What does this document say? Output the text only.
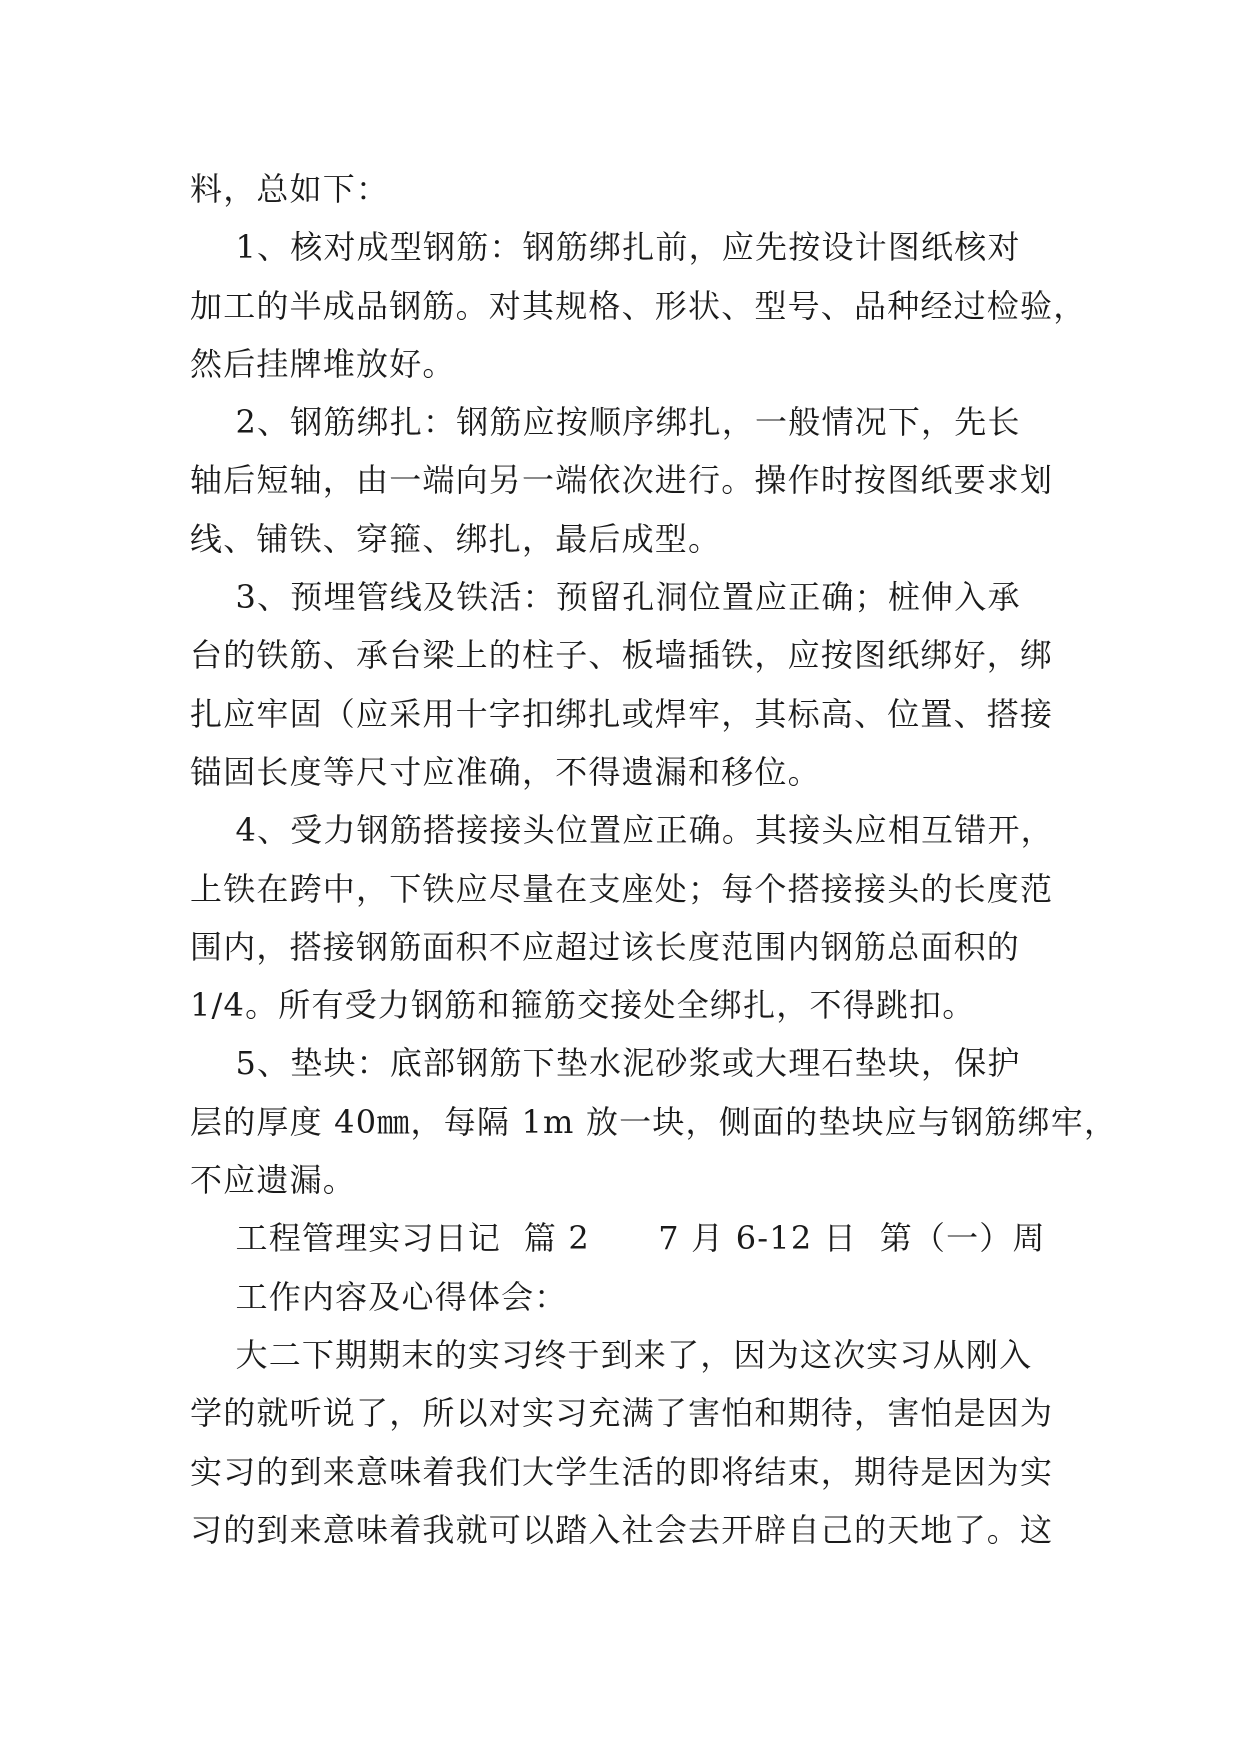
料，总如下：
1、核对成型钢筋：钢筋绑扎前，应先按设计图纸核对
加工的半成品钢筋。对其规格、形状、型号、品种经过检验，
然后挂牌堆放好。
2、钢筋绑扎：钢筋应按顺序绑扎，一般情况下，先长
轴后短轴，由一端向另一端依次进行。操作时按图纸要求划
线、铺铁、穿箍、绑扎，最后成型。
3、预埋管线及铁活：预留孔洞位置应正确；桩伸入承
台的铁筋、承台梁上的柱子、板墙插铁，应按图纸绑好，绑
扎应牢固（应采用十字扣绑扎或焊牢，其标高、位置、搭接
锚固长度等尺寸应准确，不得遗漏和移位。
4、受力钢筋搭接接头位置应正确。其接头应相互错开，
上铁在跨中，下铁应尽量在支座处；每个搭接接头的长度范
围内，搭接钢筋面积不应超过该长度范围内钢筋总面积的
1/4。所有受力钢筋和箍筋交接处全绑扎，不得跳扣。
5、垫块：底部钢筋下垫水泥砂浆或大理石垫块，保护
层的厚度 40㎜，每隔 1m 放一块，侧面的垫块应与钢筋绑牢，
不应遗漏。
工程管理实习日记  篇 2      7 月 6-12 日  第（一）周
工作内容及心得体会：
大二下期期末的实习终于到来了，因为这次实习从刚入
学的就听说了，所以对实习充满了害怕和期待，害怕是因为
实习的到来意味着我们大学生活的即将结束，期待是因为实
习的到来意味着我就可以踏入社会去开辟自己的天地了。这
